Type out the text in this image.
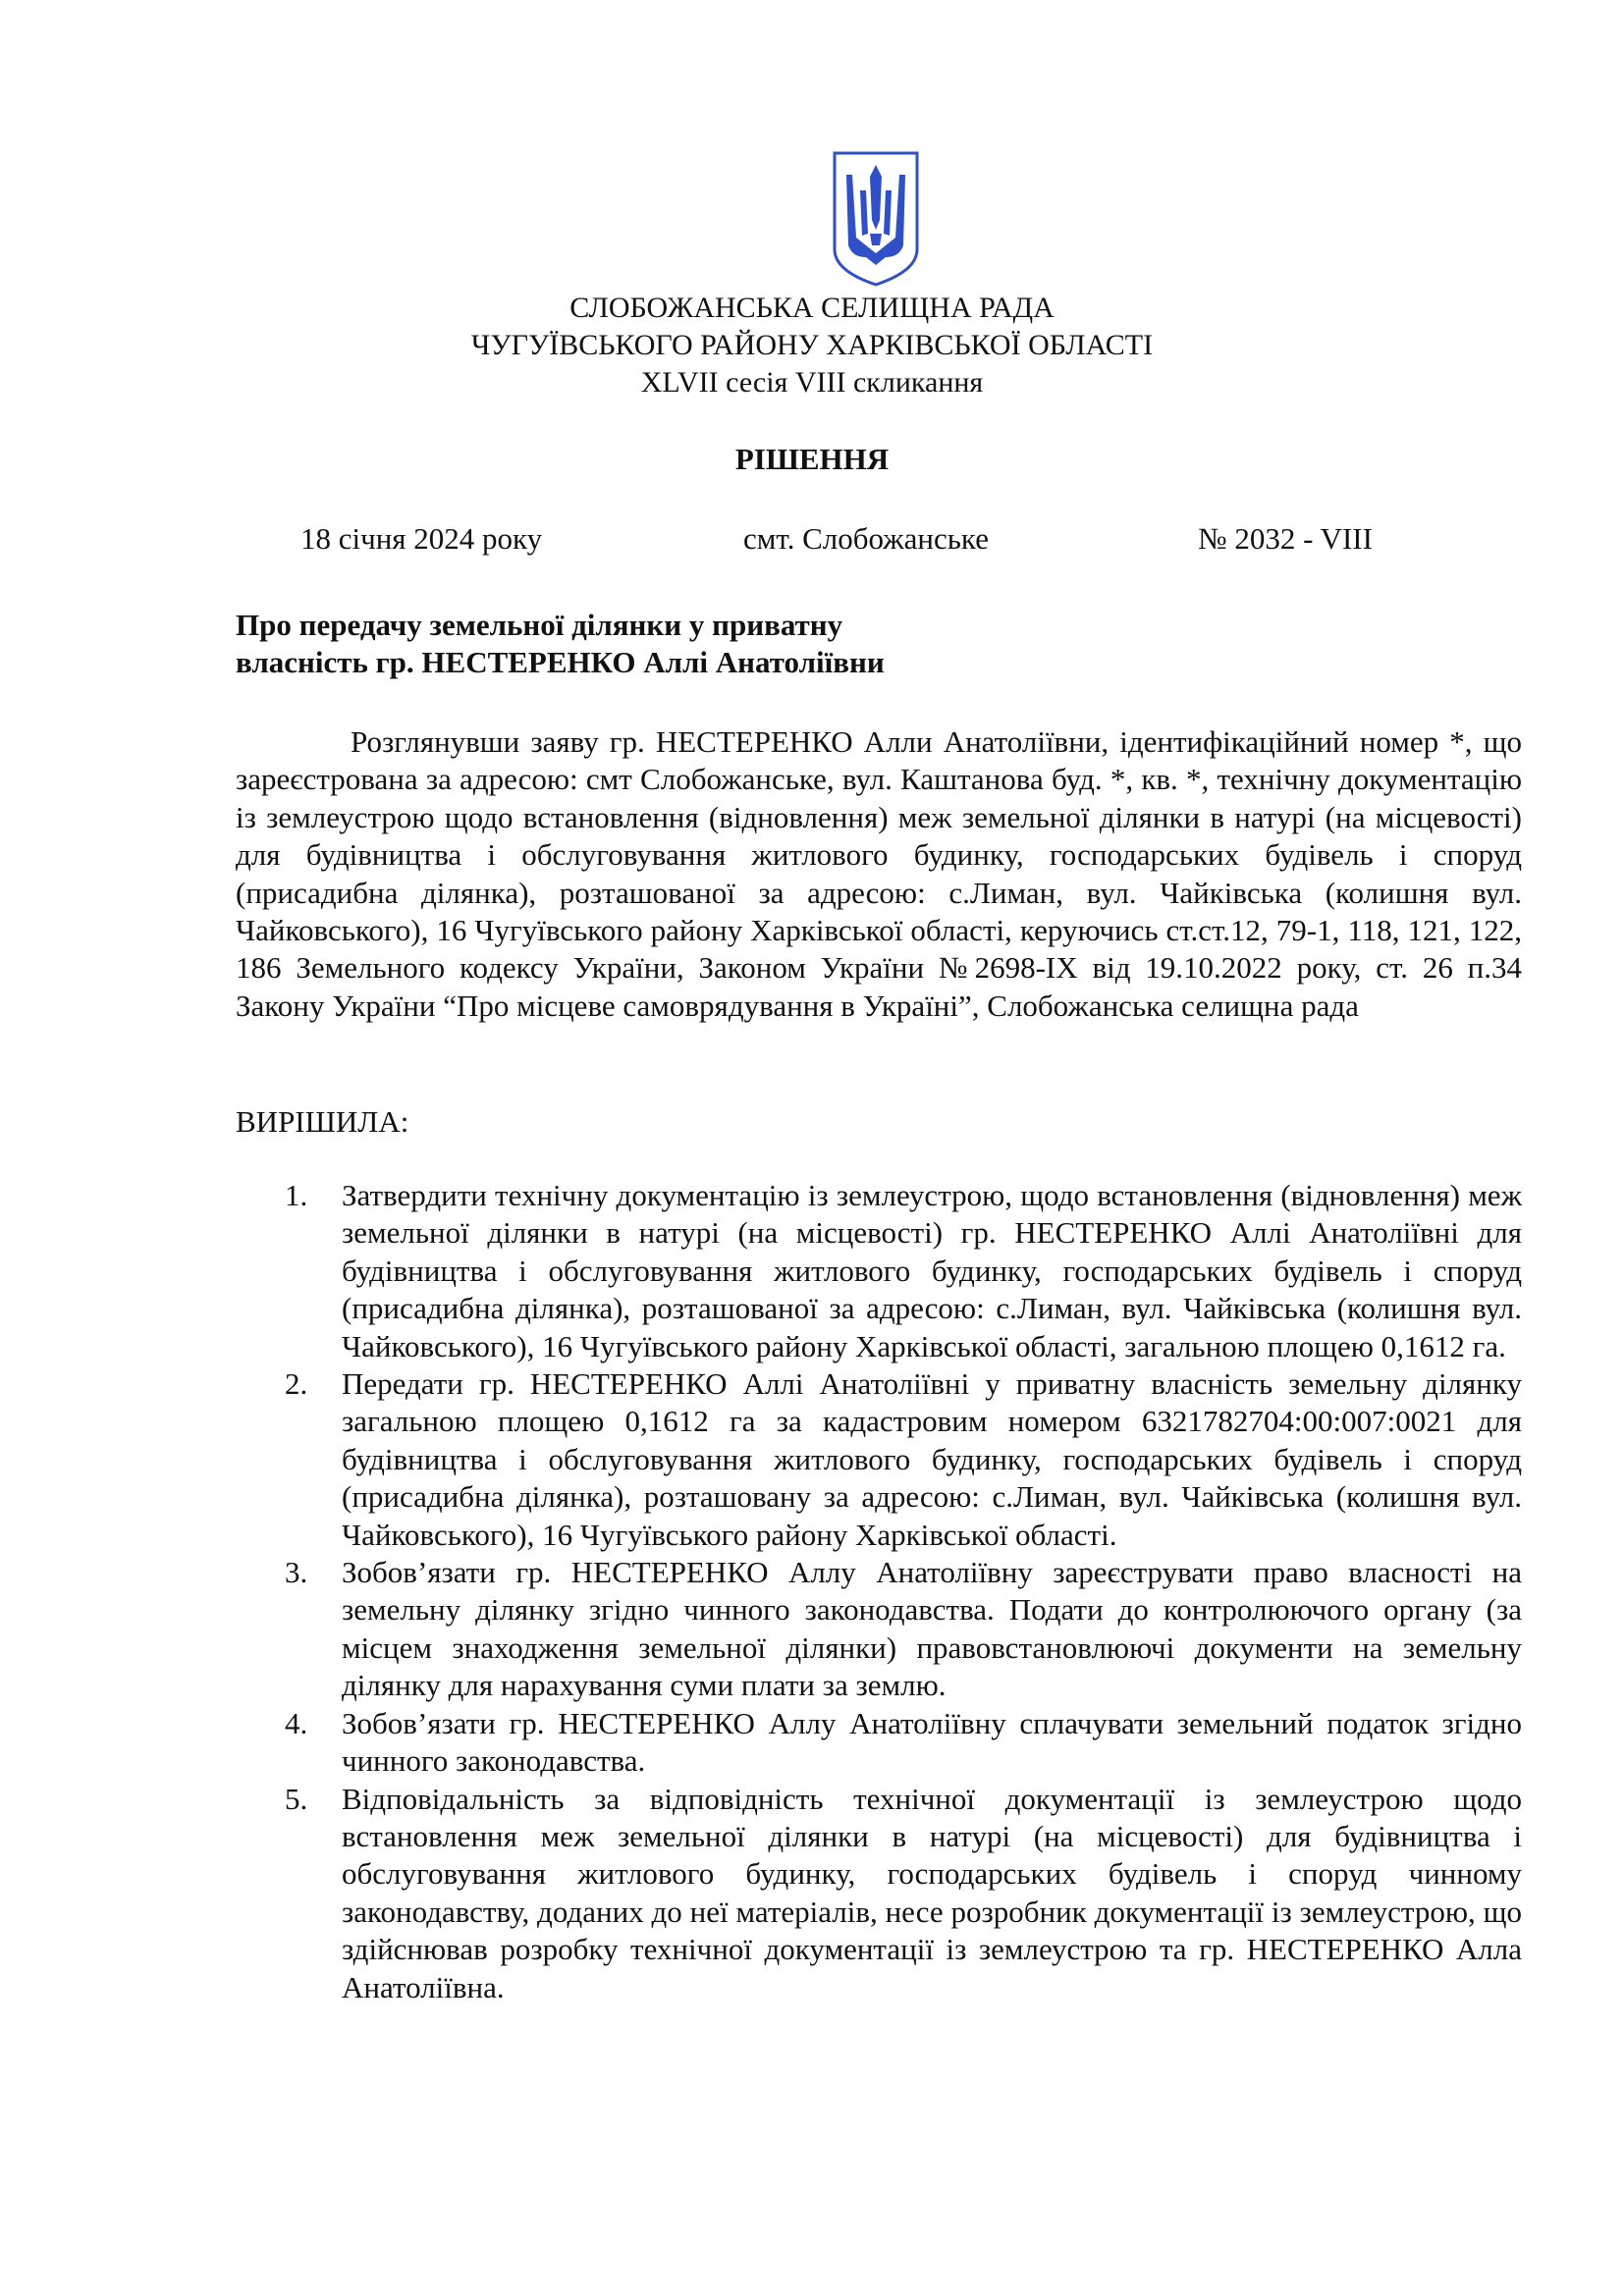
СЛОБОЖАНСЬКА СЕЛИЩНА РАДА
ЧУГУЇВСЬКОГО РАЙОНУ ХАРКІВСЬКОЇ ОБЛАСТІ
XLVII сесія VIII скликання
РІШЕННЯ
18 січня 2024 року	смт. Слобожанське	№ 2032 - VIII
Про передачу земельної ділянки у приватну
власність гр. НЕСТЕРЕНКО Аллі Анатоліївни

Розглянувши заяву гр. НЕСТЕРЕНКО Алли Анатоліївни, ідентифікаційний номер *, що зареєстрована за адресою: смт Слобожанське, вул. Каштанова буд. *, кв. *, технічну документацію із землеустрою щодо встановлення (відновлення) меж земельної ділянки в натурі (на місцевості) для будівництва і обслуговування житлового будинку, господарських будівель і споруд (присадибна ділянка), розташованої за адресою: с.Лиман, вул. Чайківська (колишня вул. Чайковського), 16 Чугуївського району Харківської області, керуючись ст.ст.12, 79-1, 118, 121, 122, 186 Земельного кодексу України, Законом України №2698-ІХ від 19.10.2022 року, ст. 26 п.34 Закону України “Про місцеве самоврядування в Україні”, Слобожанська селищна рада

ВИРІШИЛА:
1. Затвердити технічну документацію із землеустрою, щодо встановлення (відновлення) меж земельної ділянки в натурі (на місцевості) гр. НЕСТЕРЕНКО Аллі Анатоліївні для будівництва і обслуговування житлового будинку, господарських будівель і споруд (присадибна ділянка), розташованої за адресою: с.Лиман, вул. Чайківська (колишня вул. Чайковського), 16 Чугуївського району Харківської області, загальною площею 0,1612 га.
2. Передати гр. НЕСТЕРЕНКО Аллі Анатоліївні у приватну власність земельну ділянку загальною площею 0,1612 га за кадастровим номером 6321782704:00:007:0021 для будівництва і обслуговування житлового будинку, господарських будівель і споруд (присадибна ділянка), розташовану за адресою: с.Лиман, вул. Чайківська (колишня вул. Чайковського), 16 Чугуївського району Харківської області.
3. Зобов’язати гр. НЕСТЕРЕНКО Аллу Анатоліївну зареєструвати право власності на земельну ділянку згідно чинного законодавства. Подати до контролюючого органу (за місцем знаходження земельної ділянки) правовстановлюючі документи на земельну ділянку для нарахування суми плати за землю.
4. Зобов’язати гр. НЕСТЕРЕНКО Аллу Анатоліївну сплачувати земельний податок згідно чинного законодавства.
5. Відповідальність за відповідність технічної документації із землеустрою щодо встановлення меж земельної ділянки в натурі (на місцевості) для будівництва і обслуговування житлового будинку, господарських будівель і споруд чинному законодавству, доданих до неї матеріалів, несе розробник документації із землеустрою, що здійснював розробку технічної документації із землеустрою та гр. НЕСТЕРЕНКО Алла Анатоліївна.
